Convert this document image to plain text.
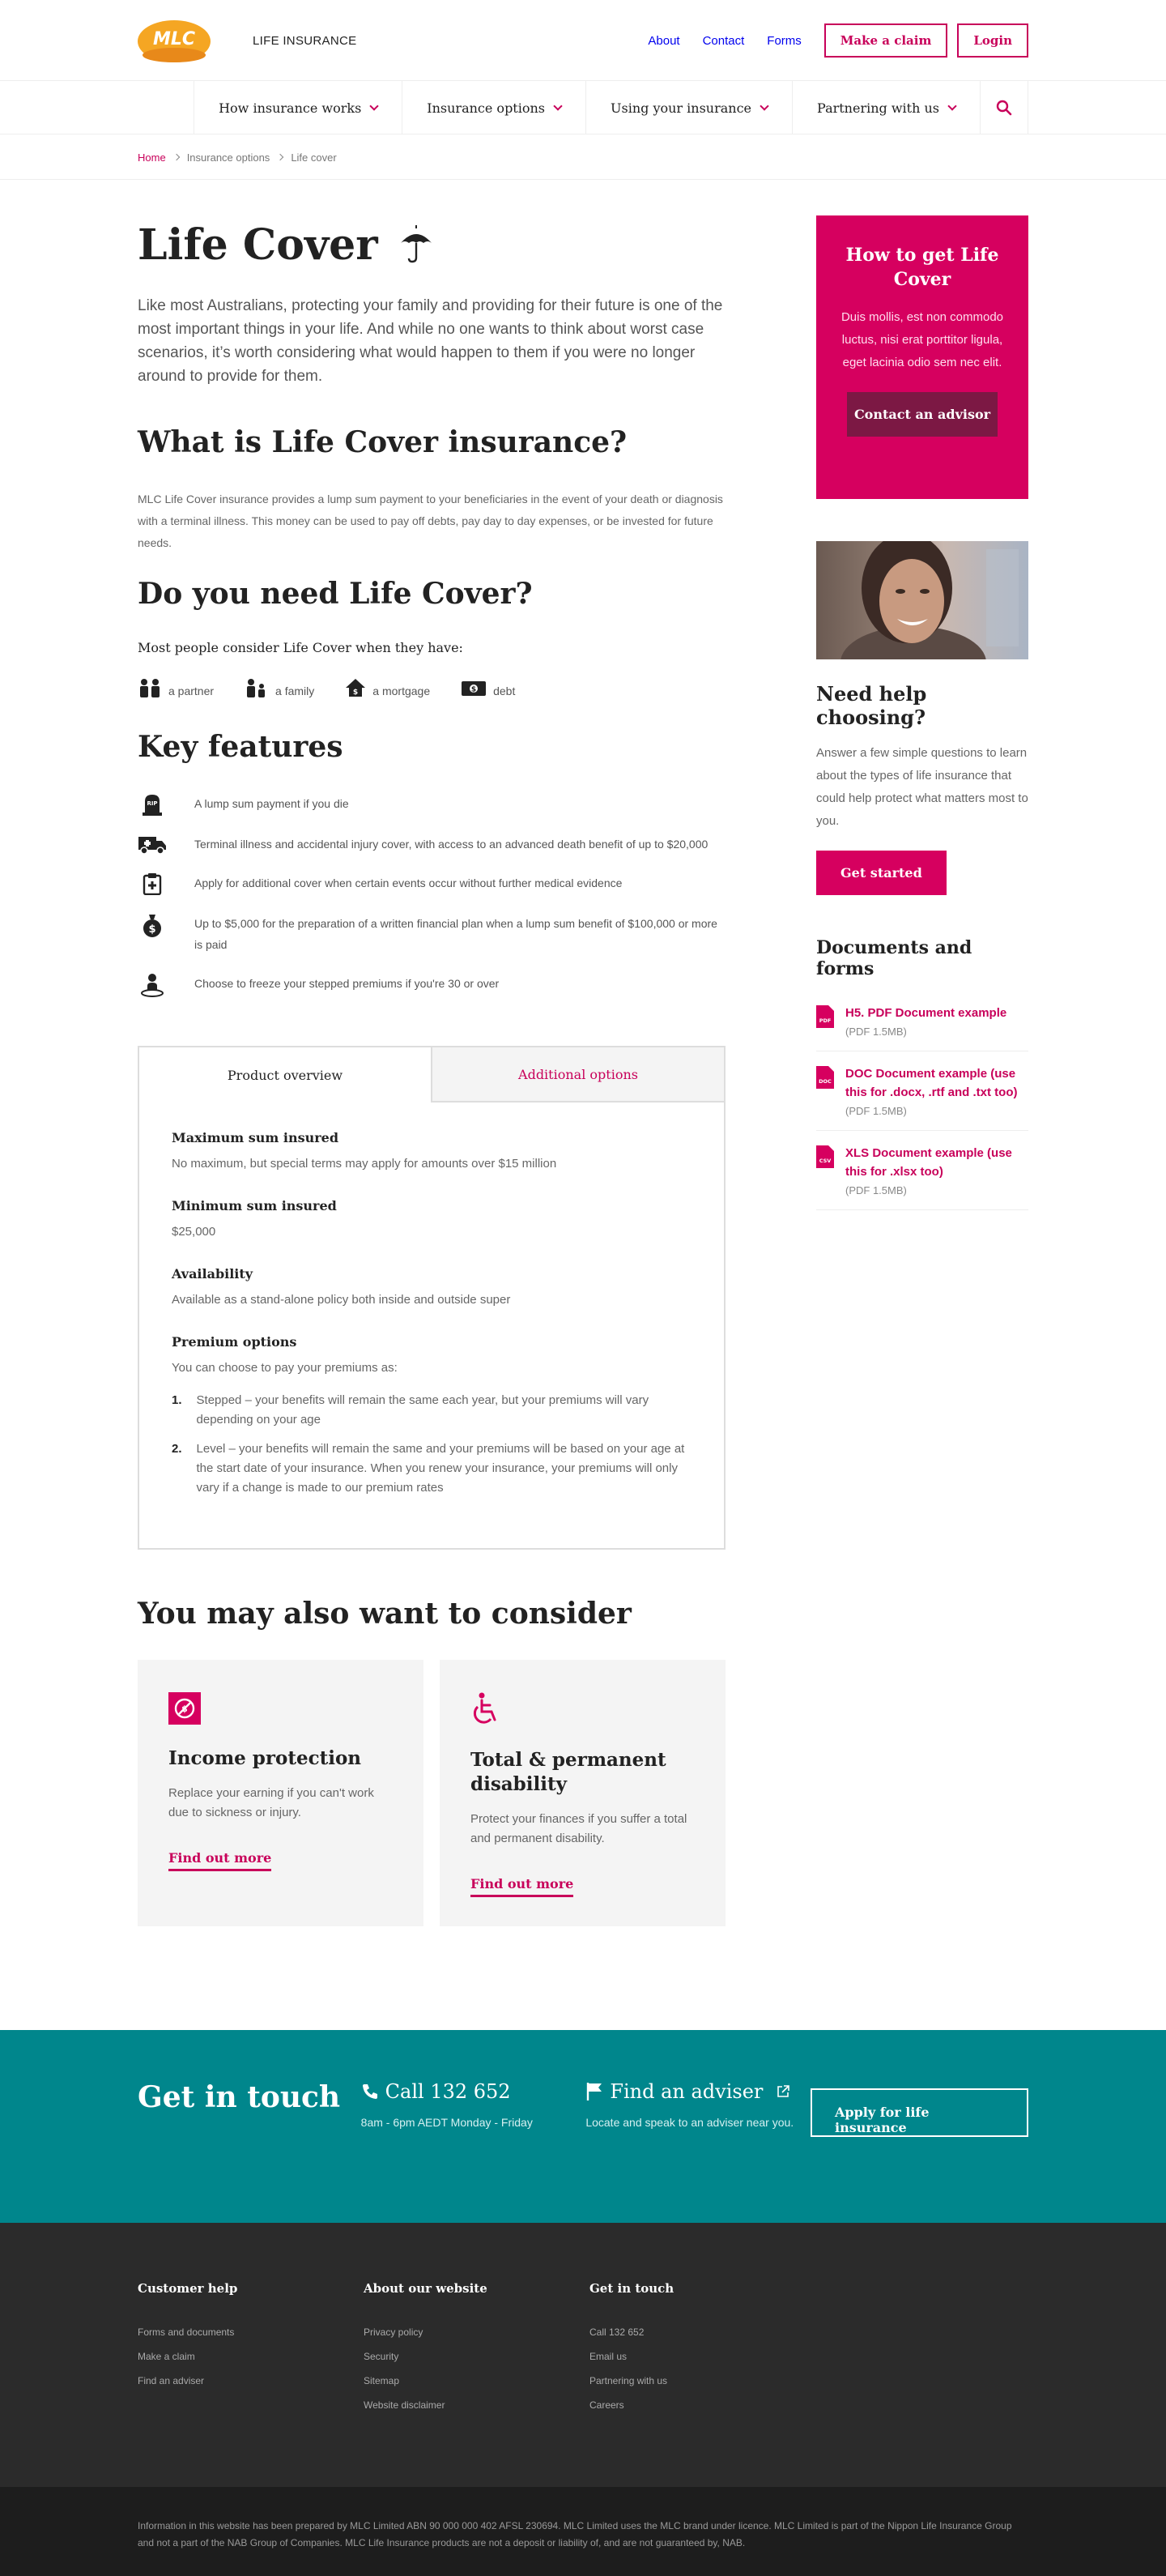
MLC	LIFE INSURANCE	About Contact Forms	Make a claim	Login
How insurance works	Insurance options	Using your insurance	Partnering with us
Home Insurance options Life cover
Life Cover

Like most Australians, protecting your family and providing for their future is one of the most important things in your life. And while no one wants to think about worst case scenarios, it’s worth considering what would happen to them if you were no longer around to provide for them.

What is Life Cover insurance?

MLC Life Cover insurance provides a lump sum payment to your beneficiaries in the event of your death or diagnosis with a terminal illness. This money can be used to pay off debts, pay day to day expenses, or be invested for future needs.

Do you need Life Cover?

Most people consider Life Cover when they have:

a partner	a family	$ a mortgage	$ debt
Key features
RIP	A lump sum payment if you die
Terminal illness and accidental injury cover, with access to an advanced death benefit of up to $20,000
Apply for additional cover when certain events occur without further medical evidence
$	Up to $5,000 for the preparation of a written financial plan when a lump sum benefit of $100,000 or more is paid
Choose to freeze your stepped premiums if you're 30 or over
Product overview	Additional options
Maximum sum insured
No maximum, but special terms may apply for amounts over $15 million
Minimum sum insured
$25,000
Availability
Available as a stand-alone policy both inside and outside super
Premium options
You can choose to pay your premiums as:
1. Stepped – your benefits will remain the same each year, but your premiums will vary depending on your age
2. Level – your benefits will remain the same and your premiums will be based on your age at the start date of your insurance. When you renew your insurance, your premiums will only vary if a change is made to our premium rates
You may also want to consider
$
Income protection

Replace your earning if you can't work due to sickness or injury.

Find out more
Total & permanent disability

Protect your finances if you suffer a total and permanent disability.

Find out more
How to get Life Cover

Duis mollis, est non commodo luctus, nisi erat porttitor ligula, eget lacinia odio sem nec elit.

Contact an advisor
Need help choosing?

Answer a few simple questions to learn about the types of life insurance that could help protect what matters most to you.

Get started
Documents and forms
PDF
H5. PDF Document example
(PDF 1.5MB)
DOC
DOC Document example (use this for .docx, .rtf and .txt too)
(PDF 1.5MB)
CSV
XLS Document example (use this for .xlsx too)
(PDF 1.5MB)
Get in touch	Call 132 652
8am - 6pm AEDT Monday - Friday
Find an adviser
Locate and speak to an adviser near you.
Apply for life insurance
Customer help
Forms and documents
Make a claim
Find an adviser
About our website
Privacy policy
Security
Sitemap
Website disclaimer
Get in touch
Call 132 652
Email us
Partnering with us
Careers
Information in this website has been prepared by MLC Limited ABN 90 000 000 402 AFSL 230694. MLC Limited uses the MLC brand under licence. MLC Limited is part of the Nippon Life Insurance Group and not a part of the NAB Group of Companies. MLC Life Insurance products are not a deposit or liability of, and are not guaranteed by, NAB.
